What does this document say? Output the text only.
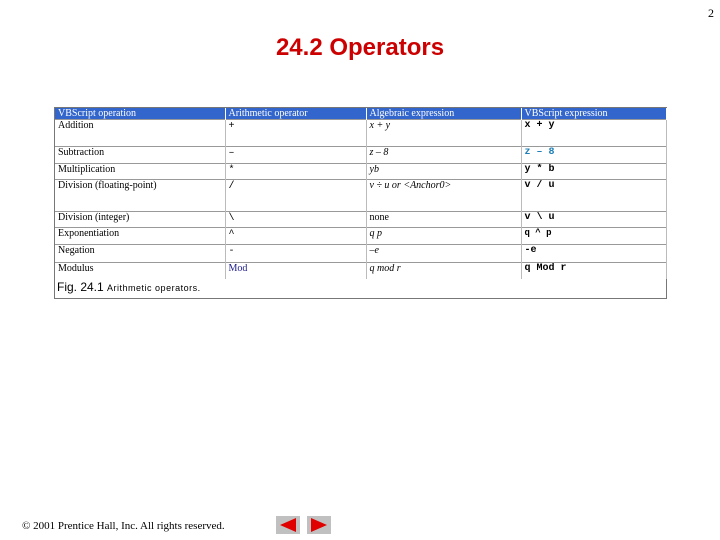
2
24.2 Operators
VBScript operation	Arithmetic operator	Algebraic expression	VBScript expression
Addition	+	x + y	x + y
Subtraction	–	z – 8	z – 8
Multiplication	*	yb	y * b
Division (floating-point)	/	v ÷ u or <Anchor0>	v / u
Division (integer)	\	none	v \ u
Exponentiation	^	q p	q ^ p
Negation	-	–e	-e
Modulus	Mod	q mod r	q Mod r
Fig. 24.1 Arithmetic operators.
© 2001 Prentice Hall, Inc. All rights reserved.
